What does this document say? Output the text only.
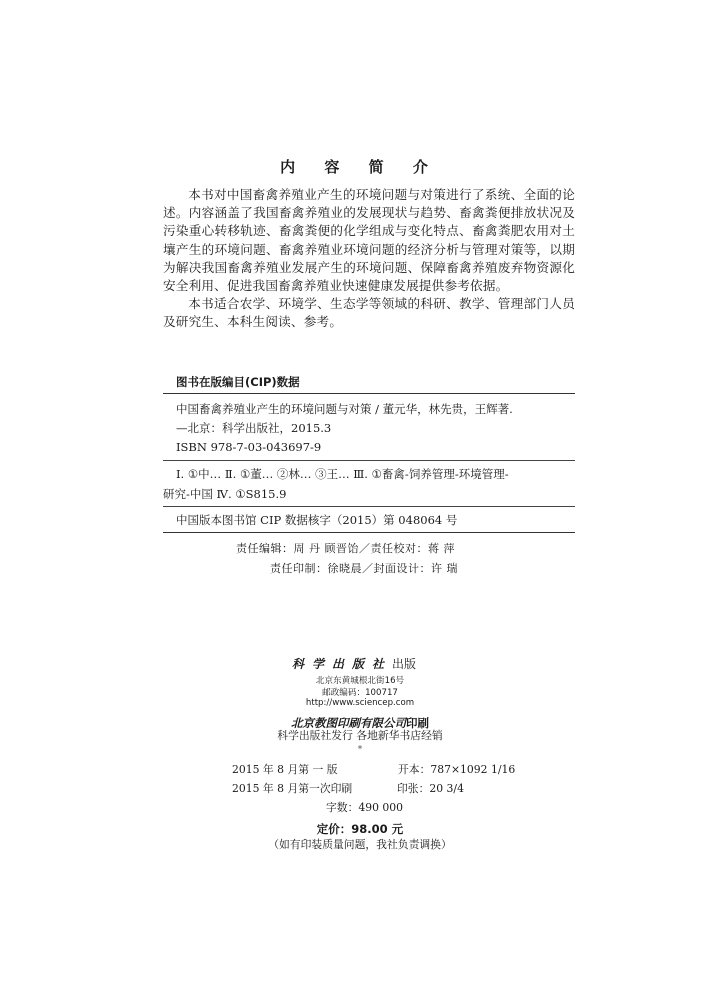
内 容 简 介

本书对中国畜禽养殖业产生的环境问题与对策进行了系统、全面的论述。内容涵盖了我国畜禽养殖业的发展现状与趋势、畜禽粪便排放状况及污染重心转移轨迹、畜禽粪便的化学组成与变化特点、畜禽粪肥农用对土壤产生的环境问题、畜禽养殖业环境问题的经济分析与管理对策等，以期为解决我国畜禽养殖业发展产生的环境问题、保障畜禽养殖废弃物资源化安全利用、促进我国畜禽养殖业快速健康发展提供参考依据。

本书适合农学、环境学、生态学等领域的科研、教学、管理部门人员及研究生、本科生阅读、参考。

图书在版编目(CIP)数据
中国畜禽养殖业产生的环境问题与对策 / 董元华，林先贵，王辉著.
—北京：科学出版社，2015.3
ISBN 978-7-03-043697-9
Ⅰ. ①中… Ⅱ. ①董… ②林… ③王… Ⅲ. ①畜禽-饲养管理-环境管理-
研究-中国 Ⅳ. ①S815.9
中国版本图书馆 CIP 数据核字（2015）第 048064 号
责任编辑：周 丹 顾晋饴／责任校对：蒋 萍
责任印制：徐晓晨／封面设计：许 瑞
科学出版社出版
北京东黄城根北街16号
邮政编码：100717
http://www.sciencep.com
北京教图印刷有限公司印刷
科学出版社发行 各地新华书店经销
*
2015 年 8 月第 一 版	开本：787×1092 1/16
2015 年 8 月第一次印刷	印张：20 3/4
字数：490 000
定价：98.00 元
（如有印装质量问题，我社负责调换）
